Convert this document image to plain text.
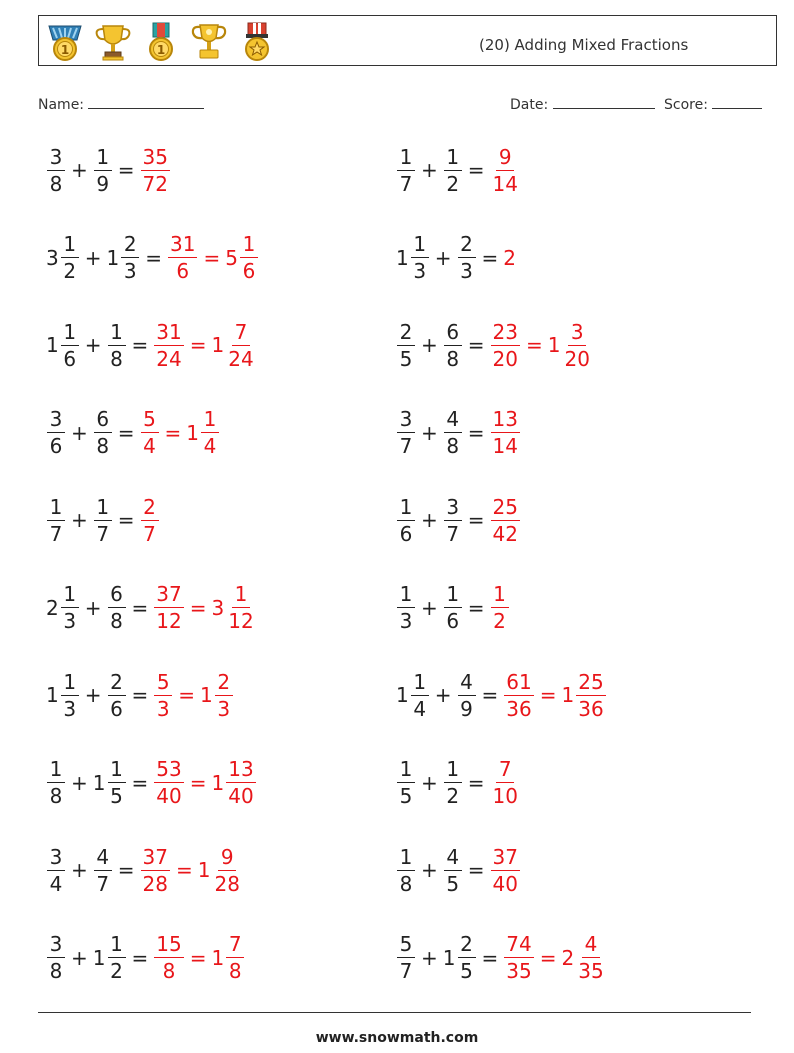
1	1	(20) Adding Mixed Fractions
Name:	Date:	Score:
$\frac{3}{8} + \frac{1}{9} = \frac{35}{72}$	$\frac{1}{7} + \frac{1}{2} = \frac{9}{14}$
$3 \frac{1}{2} + 1 \frac{2}{3} = \frac{31}{6} = 5 \frac{1}{6}$	$1 \frac{1}{3} + \frac{2}{3} = 2$
$1 \frac{1}{6} + \frac{1}{8} = \frac{31}{24} = 1 \frac{7}{24}$	$\frac{2}{5} + \frac{6}{8} = \frac{23}{20} = 1 \frac{3}{20}$
$\frac{3}{6} + \frac{6}{8} = \frac{5}{4} = 1 \frac{1}{4}$	$\frac{3}{7} + \frac{4}{8} = \frac{13}{14}$
$\frac{1}{7} + \frac{1}{7} = \frac{2}{7}$	$\frac{1}{6} + \frac{3}{7} = \frac{25}{42}$
$2 \frac{1}{3} + \frac{6}{8} = \frac{37}{12} = 3 \frac{1}{12}$	$\frac{1}{3} + \frac{1}{6} = \frac{1}{2}$
$1 \frac{1}{3} + \frac{2}{6} = \frac{5}{3} = 1 \frac{2}{3}$	$1 \frac{1}{4} + \frac{4}{9} = \frac{61}{36} = 1 \frac{25}{36}$
$\frac{1}{8} + 1 \frac{1}{5} = \frac{53}{40} = 1 \frac{13}{40}$	$\frac{1}{5} + \frac{1}{2} = \frac{7}{10}$
$\frac{3}{4} + \frac{4}{7} = \frac{37}{28} = 1 \frac{9}{28}$	$\frac{1}{8} + \frac{4}{5} = \frac{37}{40}$
$\frac{3}{8} + 1 \frac{1}{2} = \frac{15}{8} = 1 \frac{7}{8}$	$\frac{5}{7} + 1 \frac{2}{5} = \frac{74}{35} = 2 \frac{4}{35}$
www.snowmath.com
